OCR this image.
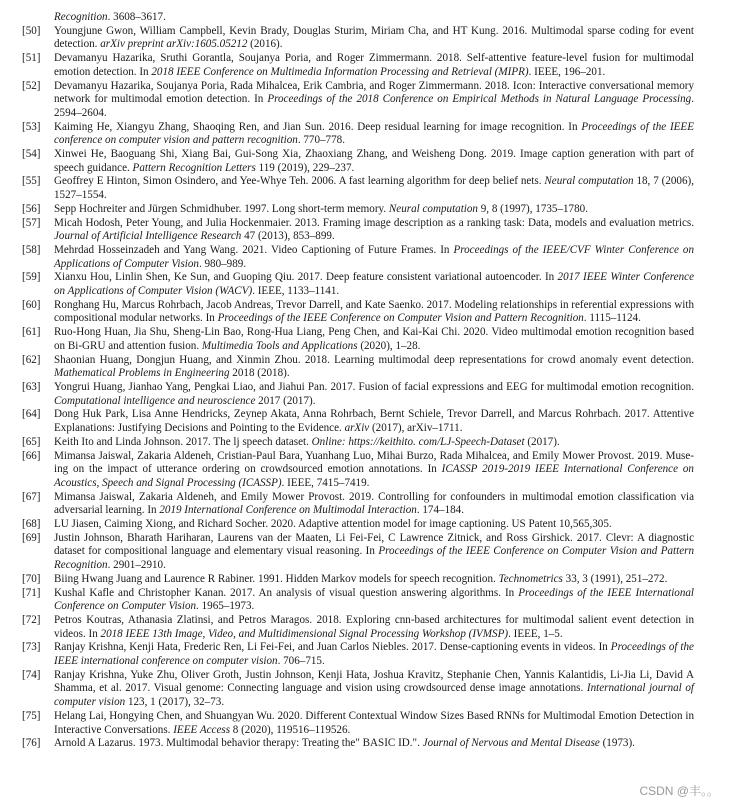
Recognition. 3608–3617.
[50]	Youngjune Gwon, William Campbell, Kevin Brady, Douglas Sturim, Miriam Cha, and HT Kung. 2016. Multimodal sparse coding for event detection. arXiv preprint arXiv:1605.05212 (2016).
[51]	Devamanyu Hazarika, Sruthi Gorantla, Soujanya Poria, and Roger Zimmermann. 2018. Self-attentive feature-level fusion for multimodal emotion detection. In 2018 IEEE Conference on Multimedia Information Processing and Retrieval (MIPR). IEEE, 196–201.
[52]	Devamanyu Hazarika, Soujanya Poria, Rada Mihalcea, Erik Cambria, and Roger Zimmermann. 2018. Icon: Interactive conversational memory network for multimodal emotion detection. In Proceedings of the 2018 Conference on Empirical Methods in Natural Language Processing. 2594–2604.
[53]	Kaiming He, Xiangyu Zhang, Shaoqing Ren, and Jian Sun. 2016. Deep residual learning for image recognition. In Proceedings of the IEEE conference on computer vision and pattern recognition. 770–778.
[54]	Xinwei He, Baoguang Shi, Xiang Bai, Gui-Song Xia, Zhaoxiang Zhang, and Weisheng Dong. 2019. Image caption generation with part of speech guidance. Pattern Recognition Letters 119 (2019), 229–237.
[55]	Geoffrey E Hinton, Simon Osindero, and Yee-Whye Teh. 2006. A fast learning algorithm for deep belief nets. Neural computation 18, 7 (2006), 1527–1554.
[56]	Sepp Hochreiter and Jürgen Schmidhuber. 1997. Long short-term memory. Neural computation 9, 8 (1997), 1735–1780.
[57]	Micah Hodosh, Peter Young, and Julia Hockenmaier. 2013. Framing image description as a ranking task: Data, models and evaluation metrics. Journal of Artificial Intelligence Research 47 (2013), 853–899.
[58]	Mehrdad Hosseinzadeh and Yang Wang. 2021. Video Captioning of Future Frames. In Proceedings of the IEEE/CVF Winter Conference on Applications of Computer Vision. 980–989.
[59]	Xianxu Hou, Linlin Shen, Ke Sun, and Guoping Qiu. 2017. Deep feature consistent variational autoencoder. In 2017 IEEE Winter Conference on Applications of Computer Vision (WACV). IEEE, 1133–1141.
[60]	Ronghang Hu, Marcus Rohrbach, Jacob Andreas, Trevor Darrell, and Kate Saenko. 2017. Modeling relationships in referential expressions with compositional modular networks. In Proceedings of the IEEE Conference on Computer Vision and Pattern Recognition. 1115–1124.
[61]	Ruo-Hong Huan, Jia Shu, Sheng-Lin Bao, Rong-Hua Liang, Peng Chen, and Kai-Kai Chi. 2020. Video multimodal emotion recognition based on Bi-GRU and attention fusion. Multimedia Tools and Applications (2020), 1–28.
[62]	Shaonian Huang, Dongjun Huang, and Xinmin Zhou. 2018. Learning multimodal deep representations for crowd anomaly event detection. Mathematical Problems in Engineering 2018 (2018).
[63]	Yongrui Huang, Jianhao Yang, Pengkai Liao, and Jiahui Pan. 2017. Fusion of facial expressions and EEG for multimodal emotion recognition. Computational intelligence and neuroscience 2017 (2017).
[64]	Dong Huk Park, Lisa Anne Hendricks, Zeynep Akata, Anna Rohrbach, Bernt Schiele, Trevor Darrell, and Marcus Rohrbach. 2017. Attentive Explanations: Justifying Decisions and Pointing to the Evidence. arXiv (2017), arXiv–1711.
[65]	Keith Ito and Linda Johnson. 2017. The lj speech dataset. Online: https://keithito. com/LJ-Speech-Dataset (2017).
[66]	Mimansa Jaiswal, Zakaria Aldeneh, Cristian-Paul Bara, Yuanhang Luo, Mihai Burzo, Rada Mihalcea, and Emily Mower Provost. 2019. Muse-ing on the impact of utterance ordering on crowdsourced emotion annotations. In ICASSP 2019-2019 IEEE International Conference on Acoustics, Speech and Signal Processing (ICASSP). IEEE, 7415–7419.
[67]	Mimansa Jaiswal, Zakaria Aldeneh, and Emily Mower Provost. 2019. Controlling for confounders in multimodal emotion classification via adversarial learning. In 2019 International Conference on Multimodal Interaction. 174–184.
[68]	LU Jiasen, Caiming Xiong, and Richard Socher. 2020. Adaptive attention model for image captioning. US Patent 10,565,305.
[69]	Justin Johnson, Bharath Hariharan, Laurens van der Maaten, Li Fei-Fei, C Lawrence Zitnick, and Ross Girshick. 2017. Clevr: A diagnostic dataset for compositional language and elementary visual reasoning. In Proceedings of the IEEE Conference on Computer Vision and Pattern Recognition. 2901–2910.
[70]	Biing Hwang Juang and Laurence R Rabiner. 1991. Hidden Markov models for speech recognition. Technometrics 33, 3 (1991), 251–272.
[71]	Kushal Kafle and Christopher Kanan. 2017. An analysis of visual question answering algorithms. In Proceedings of the IEEE International Conference on Computer Vision. 1965–1973.
[72]	Petros Koutras, Athanasia Zlatinsi, and Petros Maragos. 2018. Exploring cnn-based architectures for multimodal salient event detection in videos. In 2018 IEEE 13th Image, Video, and Multidimensional Signal Processing Workshop (IVMSP). IEEE, 1–5.
[73]	Ranjay Krishna, Kenji Hata, Frederic Ren, Li Fei-Fei, and Juan Carlos Niebles. 2017. Dense-captioning events in videos. In Proceedings of the IEEE international conference on computer vision. 706–715.
[74]	Ranjay Krishna, Yuke Zhu, Oliver Groth, Justin Johnson, Kenji Hata, Joshua Kravitz, Stephanie Chen, Yannis Kalantidis, Li-Jia Li, David A Shamma, et al. 2017. Visual genome: Connecting language and vision using crowdsourced dense image annotations. International journal of computer vision 123, 1 (2017), 32–73.
[75]	Helang Lai, Hongying Chen, and Shuangyan Wu. 2020. Different Contextual Window Sizes Based RNNs for Multimodal Emotion Detection in Interactive Conversations. IEEE Access 8 (2020), 119516–119526.
[76]	Arnold A Lazarus. 1973. Multimodal behavior therapy: Treating the" BASIC ID.". Journal of Nervous and Mental Disease (1973).
CSDN @丰。。
